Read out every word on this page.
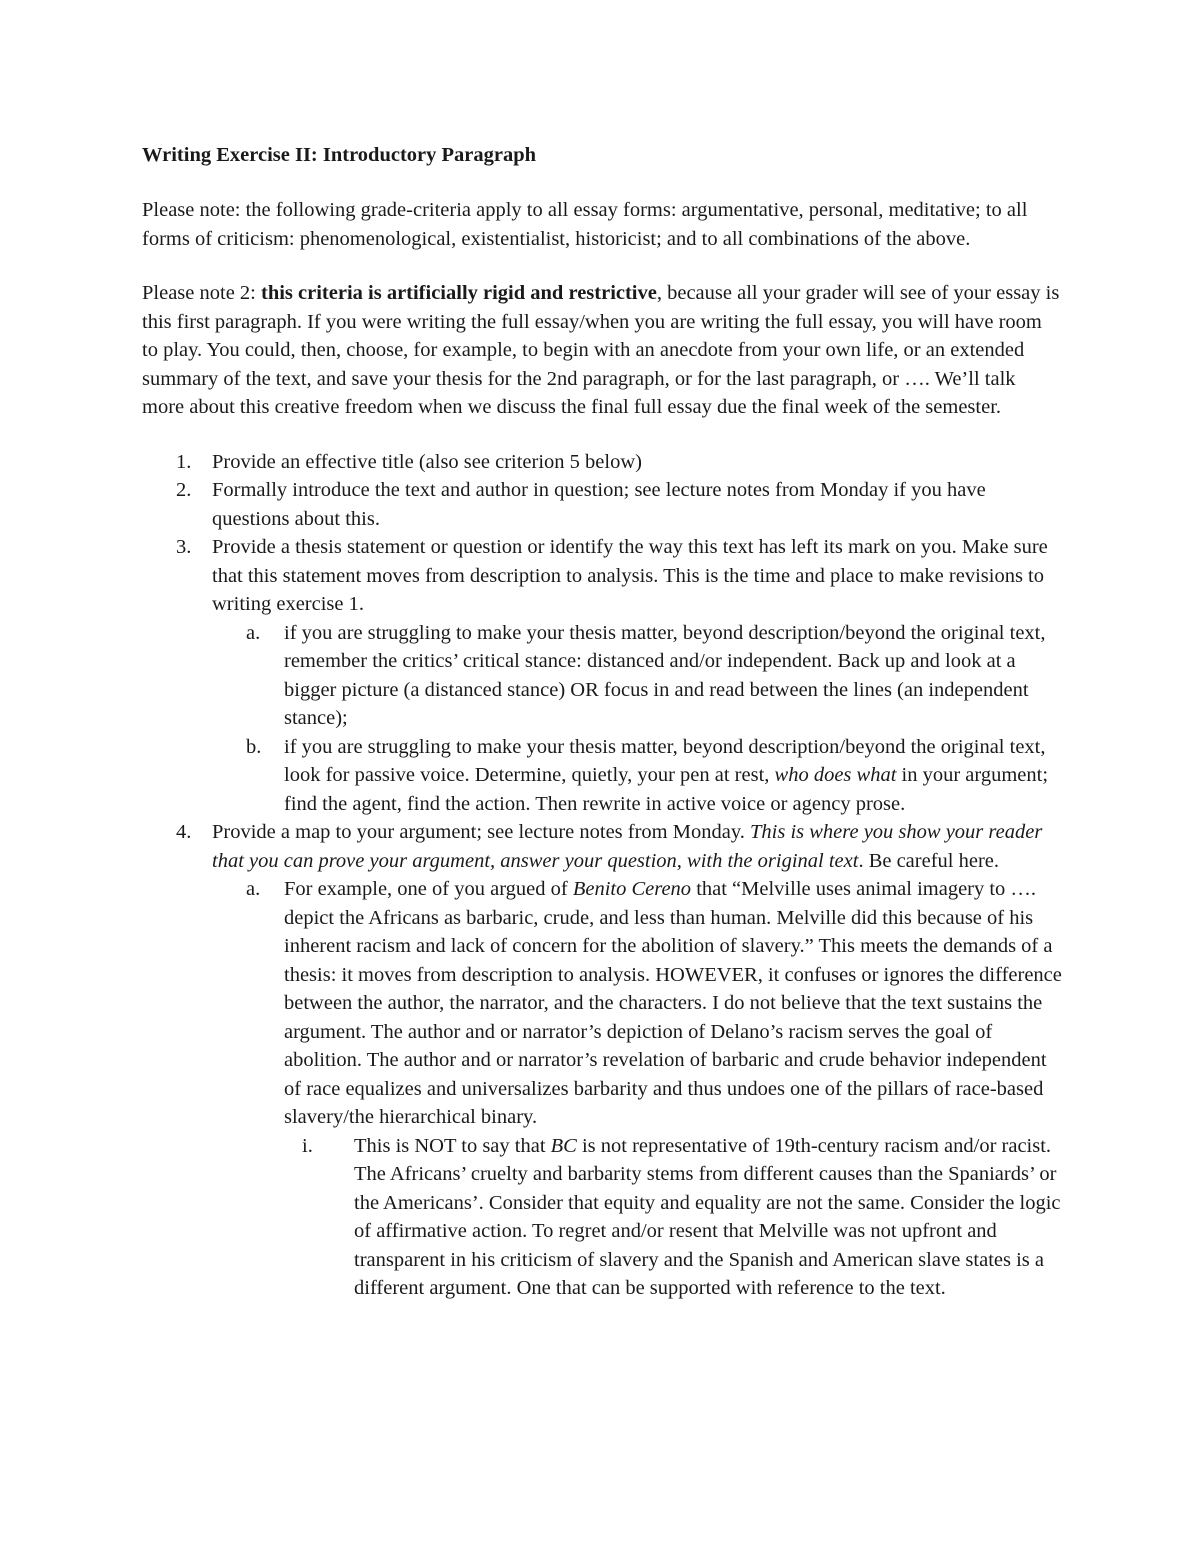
Writing Exercise II: Introductory Paragraph

Please note: the following grade-criteria apply to all essay forms: argumentative, personal, meditative; to all forms of criticism: phenomenological, existentialist, historicist; and to all combinations of the above.

Please note 2: this criteria is artificially rigid and restrictive, because all your grader will see of your essay is this first paragraph. If you were writing the full essay/when you are writing the full essay, you will have room to play. You could, then, choose, for example, to begin with an anecdote from your own life, or an extended summary of the text, and save your thesis for the 2nd paragraph, or for the last paragraph, or …. We’ll talk more about this creative freedom when we discuss the final full essay due the final week of the semester.

1. Provide an effective title (also see criterion 5 below)
2. Formally introduce the text and author in question; see lecture notes from Monday if you have questions about this.
3. Provide a thesis statement or question or identify the way this text has left its mark on you. Make sure that this statement moves from description to analysis. This is the time and place to make revisions to writing exercise 1.
a. if you are struggling to make your thesis matter, beyond description/beyond the original text, remember the critics’ critical stance: distanced and/or independent. Back up and look at a bigger picture (a distanced stance) OR focus in and read between the lines (an independent stance);
b. if you are struggling to make your thesis matter, beyond description/beyond the original text, look for passive voice. Determine, quietly, your pen at rest, who does what in your argument; find the agent, find the action. Then rewrite in active voice or agency prose.
4. Provide a map to your argument; see lecture notes from Monday. This is where you show your reader that you can prove your argument, answer your question, with the original text. Be careful here.
a. For example, one of you argued of Benito Cereno that “Melville uses animal imagery to …. depict the Africans as barbaric, crude, and less than human. Melville did this because of his inherent racism and lack of concern for the abolition of slavery.” This meets the demands of a thesis: it moves from description to analysis. HOWEVER, it confuses or ignores the difference between the author, the narrator, and the characters. I do not believe that the text sustains the argument. The author and or narrator’s depiction of Delano’s racism serves the goal of abolition. The author and or narrator’s revelation of barbaric and crude behavior independent of race equalizes and universalizes barbarity and thus undoes one of the pillars of race-based slavery/the hierarchical binary.
i. This is NOT to say that BC is not representative of 19th-century racism and/or racist. The Africans’ cruelty and barbarity stems from different causes than the Spaniards’ or the Americans’. Consider that equity and equality are not the same. Consider the logic of affirmative action. To regret and/or resent that Melville was not upfront and transparent in his criticism of slavery and the Spanish and American slave states is a different argument. One that can be supported with reference to the text.
